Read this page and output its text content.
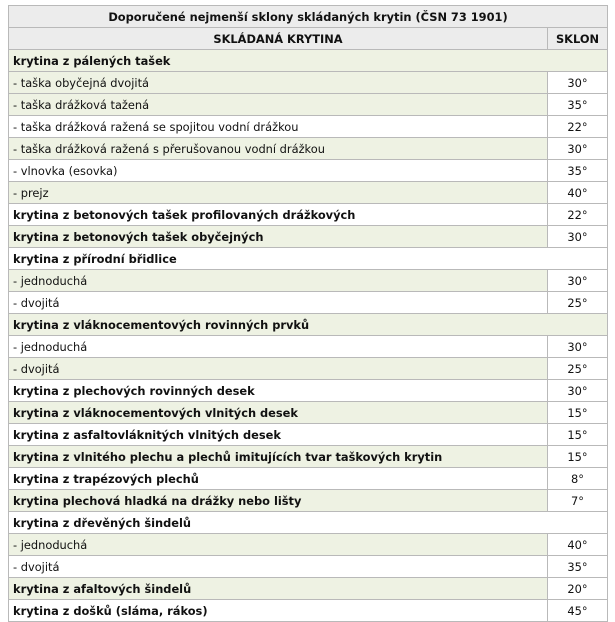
Doporučené nejmenší sklony skládaných krytin (ČSN 73 1901)	
SKLÁDANÁ KRYTINA	SKLON
krytina z pálených tašek	
- taška obyčejná dvojitá	30°
- taška drážková tažená	35°
- taška drážková ražená se spojitou vodní drážkou	22°
- taška drážková ražená s přerušovanou vodní drážkou	30°
- vlnovka (esovka)	35°
- prejz	40°
krytina z betonových tašek profilovaných drážkových	22°
krytina z betonových tašek obyčejných	30°
krytina z přírodní břidlice	
- jednoduchá	30°
- dvojitá	25°
krytina z vláknocementových rovinných prvků	
- jednoduchá	30°
- dvojitá	25°
krytina z plechových rovinných desek	30°
krytina z vláknocementových vlnitých desek	15°
krytina z asfaltovláknitých vlnitých desek	15°
krytina z vlnitého plechu a plechů imitujících tvar taškových krytin	15°
krytina z trapézových plechů	8°
krytina plechová hladká na drážky nebo lišty	7°
krytina z dřevěných šindelů	
- jednoduchá	40°
- dvojitá	35°
krytina z afaltových šindelů	20°
krytina z došků (sláma, rákos)	45°
